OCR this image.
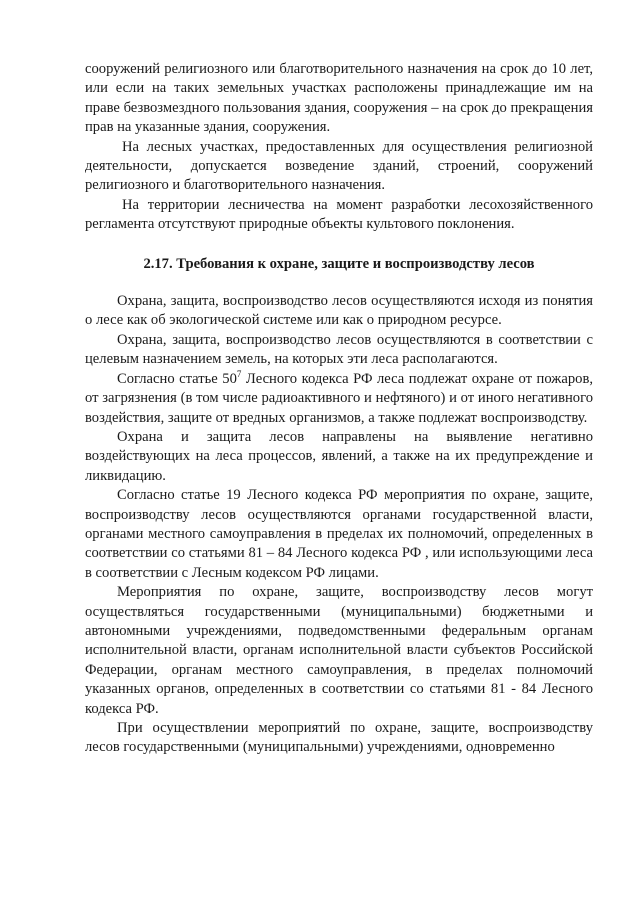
сооружений религиозного или благотворительного назначения на срок до 10 лет, или если на таких земельных участках расположены принадлежащие им на праве безвозмездного пользования здания, сооружения – на срок до прекращения прав на указанные здания, сооружения.

На лесных участках, предоставленных для осуществления религиозной деятельности, допускается возведение зданий, строений, сооружений религиозного и благотворительного назначения.

На территории лесничества на момент разработки лесохозяйственного регламента отсутствуют природные объекты культового поклонения.

2.17. Требования к охране, защите и воспроизводству лесов

Охрана, защита, воспроизводство лесов осуществляются исходя из понятия о лесе как об экологической системе или как о природном ресурсе.

Охрана, защита, воспроизводство лесов осуществляются в соответствии с целевым назначением земель, на которых эти леса располагаются.

Согласно статье $50^7$ Лесного кодекса РФ леса подлежат охране от пожаров, от загрязнения (в том числе радиоактивного и нефтяного) и от иного негативного воздействия, защите от вредных организмов, а также подлежат воспроизводству.

Охрана и защита лесов направлены на выявление негативно воздействующих на леса процессов, явлений, а также на их предупреждение и ликвидацию.

Согласно статье 19 Лесного кодекса РФ мероприятия по охране, защите, воспроизводству лесов осуществляются органами государственной власти, органами местного самоуправления в пределах их полномочий, определенных в соответствии со статьями 81 – 84 Лесного кодекса РФ , или использующими леса в соответствии с Лесным кодексом РФ лицами.

Мероприятия по охране, защите, воспроизводству лесов могут осуществляться государственными (муниципальными) бюджетными и автономными учреждениями, подведомственными федеральным органам исполнительной власти, органам исполнительной власти субъектов Российской Федерации, органам местного самоуправления, в пределах полномочий указанных органов, определенных в соответствии со статьями 81 - 84 Лесного кодекса РФ.

При осуществлении мероприятий по охране, защите, воспроизводству лесов государственными (муниципальными) учреждениями, одновременно
